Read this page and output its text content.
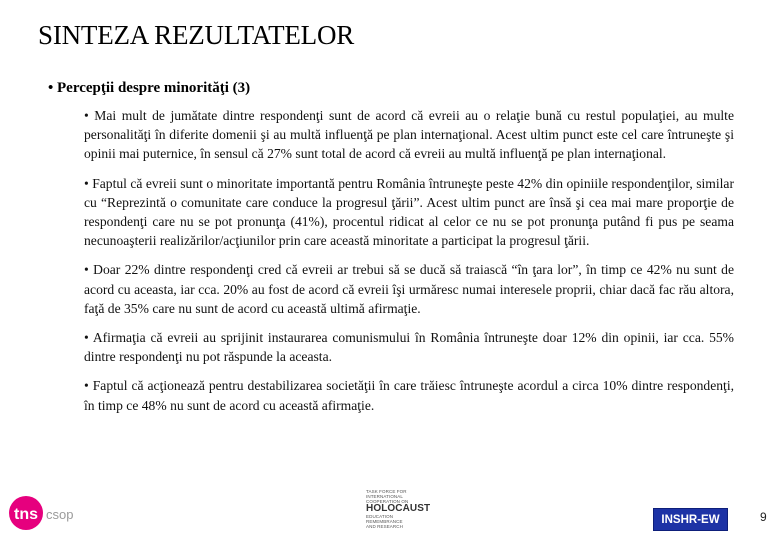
SINTEZA REZULTATELOR
• Percepţii despre minorităţi (3)

• Mai mult de jumătate dintre respondenţi sunt de acord că evreii au o relaţie bună cu restul populaţiei, au multe personalităţi în diferite domenii şi au multă influenţă pe plan internaţional. Acest ultim punct este cel care întruneşte şi opinii mai puternice, în sensul că 27% sunt total de acord că evreii au multă influenţă pe plan internaţional.

• Faptul că evreii sunt o minoritate importantă pentru România întruneşte peste 42% din opiniile respondenţilor, similar cu “Reprezintă o comunitate care conduce la progresul ţării”. Acest ultim punct are însă şi cea mai mare proporţie de respondenţi care nu se pot pronunţa (41%), procentul ridicat al celor ce nu se pot pronunţa putând fi pus pe seama necunoaşterii realizărilor/acţiunilor prin care această minoritate a participat la progresul ţării.

• Doar 22% dintre respondenţi cred că evreii ar trebui să se ducă să traiască “în ţara lor”, în timp ce 42% nu sunt de acord cu aceasta, iar cca. 20% au fost de acord că evreii îşi urmăresc numai interesele proprii, chiar dacă fac rău altora, faţă de 35% care nu sunt de acord cu această ultimă afirmaţie.

• Afirmaţia că evreii au sprijinit instaurarea comunismului în România întruneşte doar 12% din opinii, iar cca. 55% dintre respondenţi nu pot răspunde la aceasta.

• Faptul că acţionează pentru destabilizarea societăţii în care trăiesc întruneşte acordul a circa 10% dintre respondenţi, în timp ce 48% nu sunt de acord cu această afirmaţie.

tns csop
TASK FORCE FOR
INTERNATIONAL
COOPERATION ON
HOLOCAUST
EDUCATION
REMEMBRANCE
AND RESEARCH
INSHR-EW	9
